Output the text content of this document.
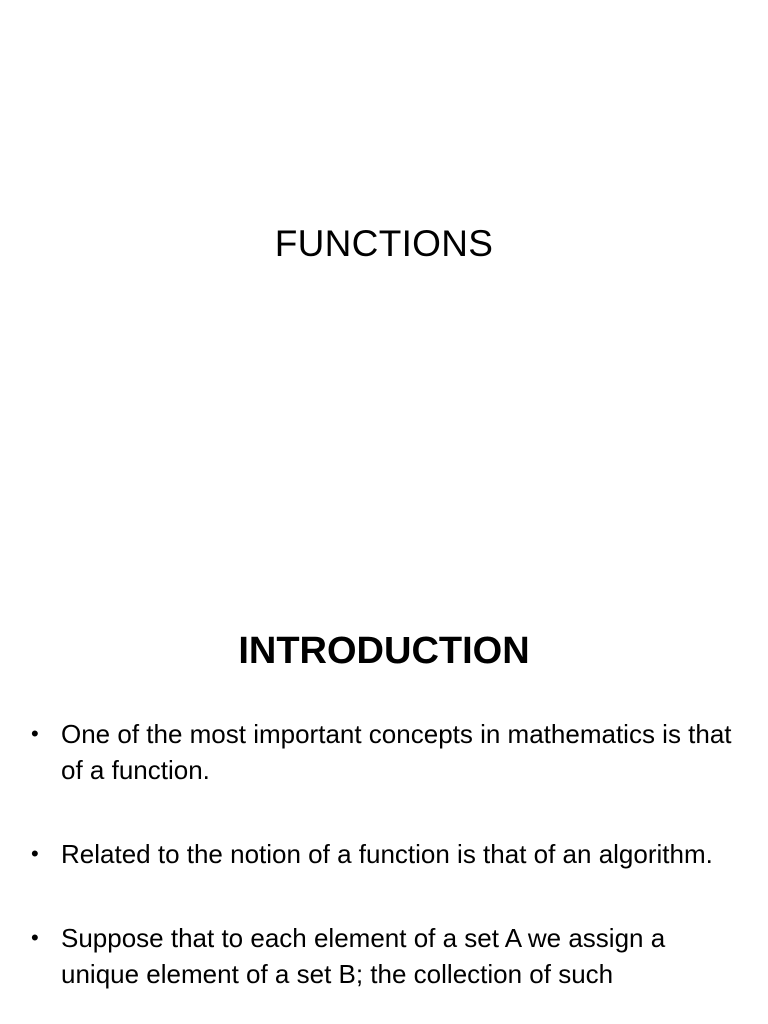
FUNCTIONS
INTRODUCTION
• One of the most important concepts in mathematics is that of a function.
• Related to the notion of a function is that of an algorithm.
• Suppose that to each element of a set A we assign a unique element of a set B; the collection of such
